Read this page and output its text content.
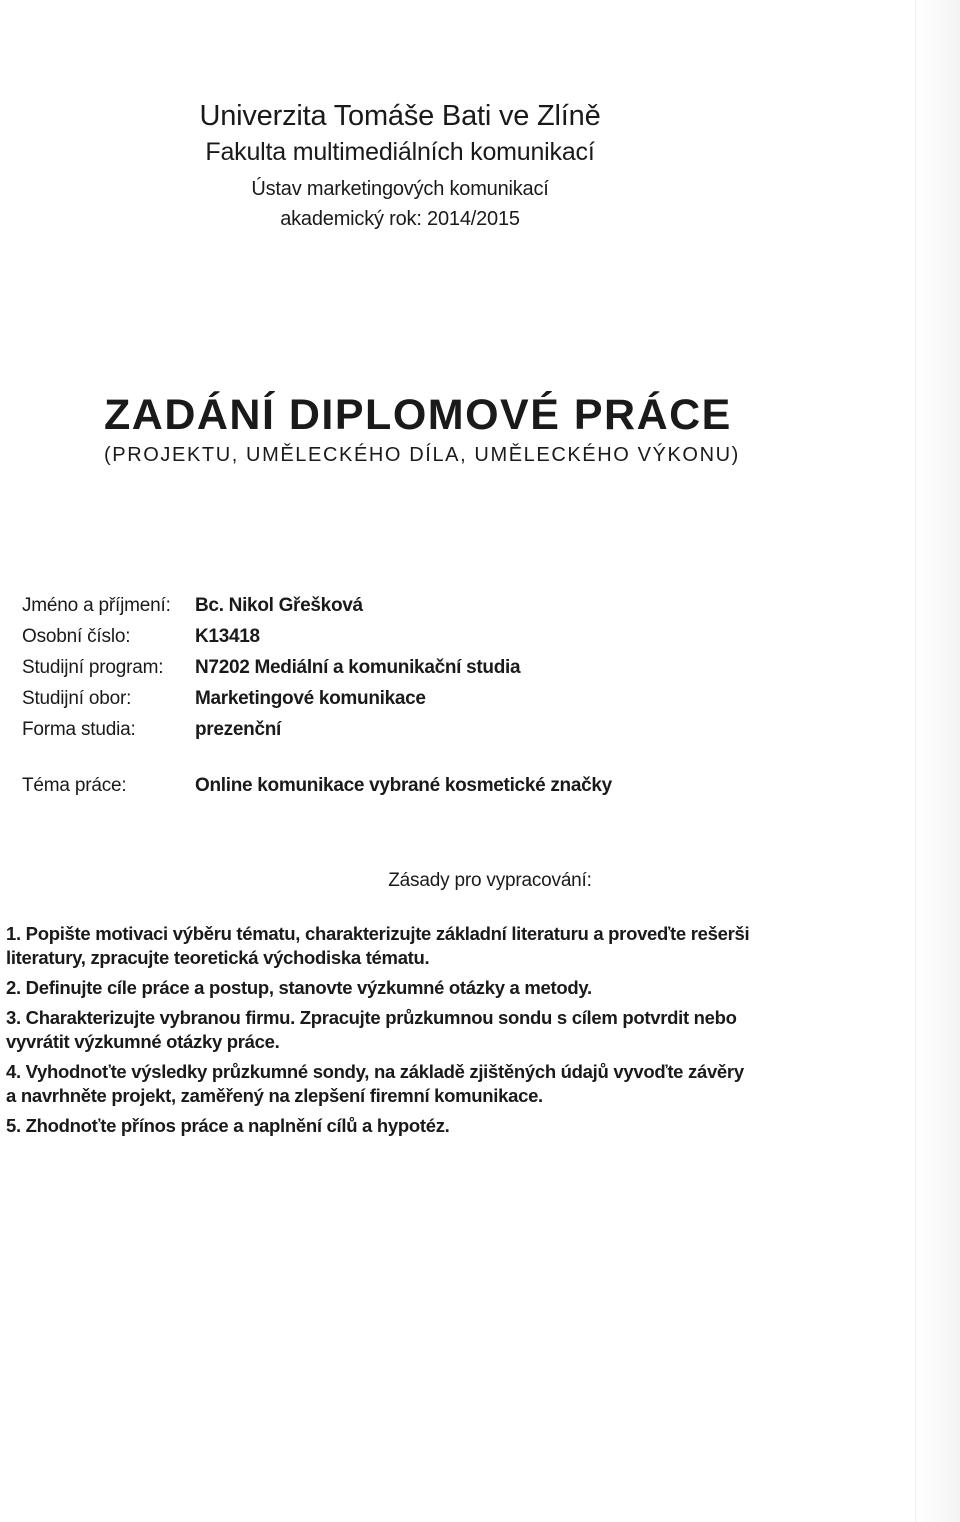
Univerzita Tomáše Bati ve Zlíně
Fakulta multimediálních komunikací
Ústav marketingových komunikací
akademický rok: 2014/2015
ZADÁNÍ DIPLOMOVÉ PRÁCE
(PROJEKTU, UMĚLECKÉHO DÍLA, UMĚLECKÉHO VÝKONU)
Jméno a příjmení:	Bc. Nikol Gřešková
Osobní číslo:	K13418
Studijní program:	N7202 Mediální a komunikační studia
Studijní obor:	Marketingové komunikace
Forma studia:	prezenční
Téma práce:	Online komunikace vybrané kosmetické značky
Zásady pro vypracování:

1. Popište motivaci výběru tématu, charakterizujte základní literaturu a proveďte rešerši

literatury, zpracujte teoretická východiska tématu.

2. Definujte cíle práce a postup, stanovte výzkumné otázky a metody.

3. Charakterizujte vybranou firmu. Zpracujte průzkumnou sondu s cílem potvrdit nebo

vyvrátit výzkumné otázky práce.

4. Vyhodnoťte výsledky průzkumné sondy, na základě zjištěných údajů vyvoďte závěry

a navrhněte projekt, zaměřený na zlepšení firemní komunikace.

5. Zhodnoťte přínos práce a naplnění cílů a hypotéz.
